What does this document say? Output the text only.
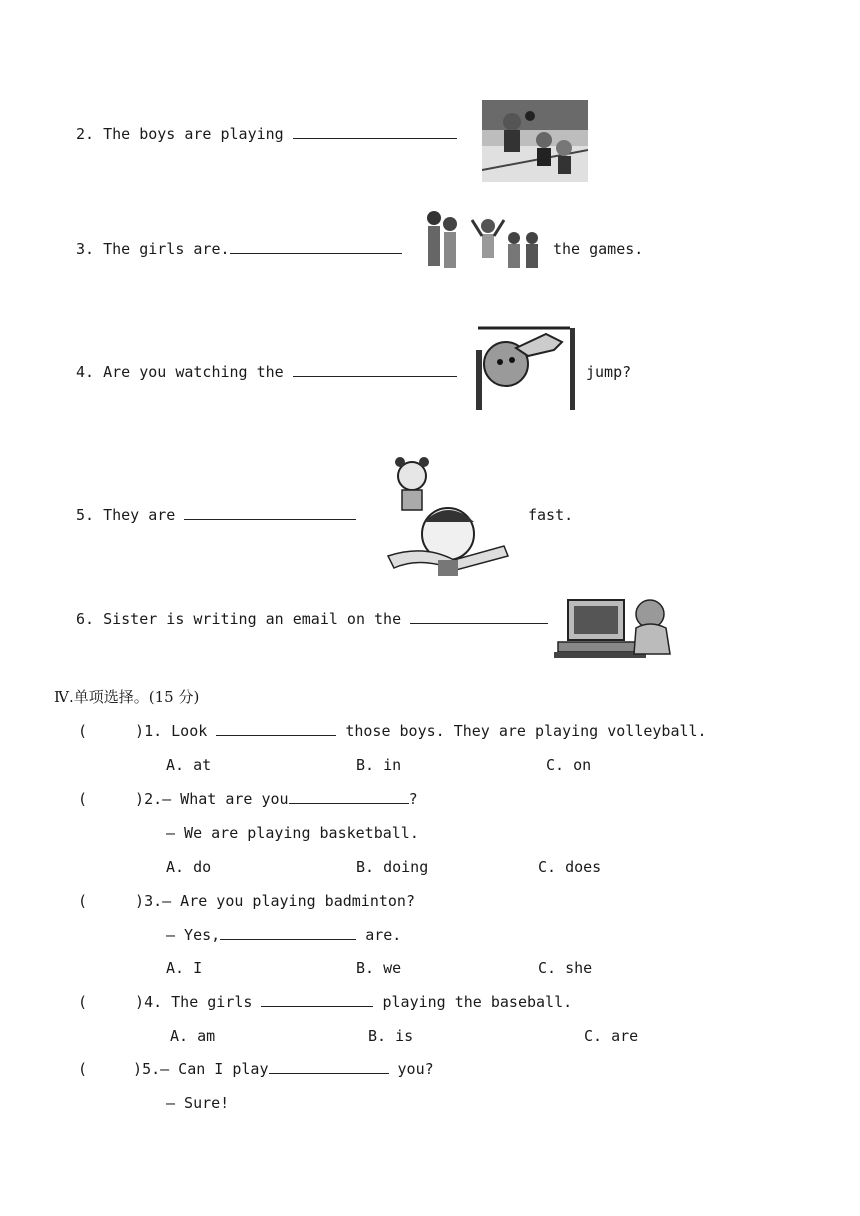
2. The boys are playing
3. The girls are.	the games.
4. Are you watching the	jump?
5. They are	fast.
6. Sister is writing an email on the
Ⅳ.单项选择。(15 分)
(	)1. Look	those boys. They are playing volleyball.
A. at	B. in	C. on
(	)2.— What are you	?
— We are playing basketball.
A. do	B. doing	C. does
(	)3.— Are you playing badminton?
— Yes,	are.
A. I	B. we	C. she
(	)4. The girls	playing the baseball.
A. am	B. is	C. are
(	)5.— Can I play	you?
— Sure!
